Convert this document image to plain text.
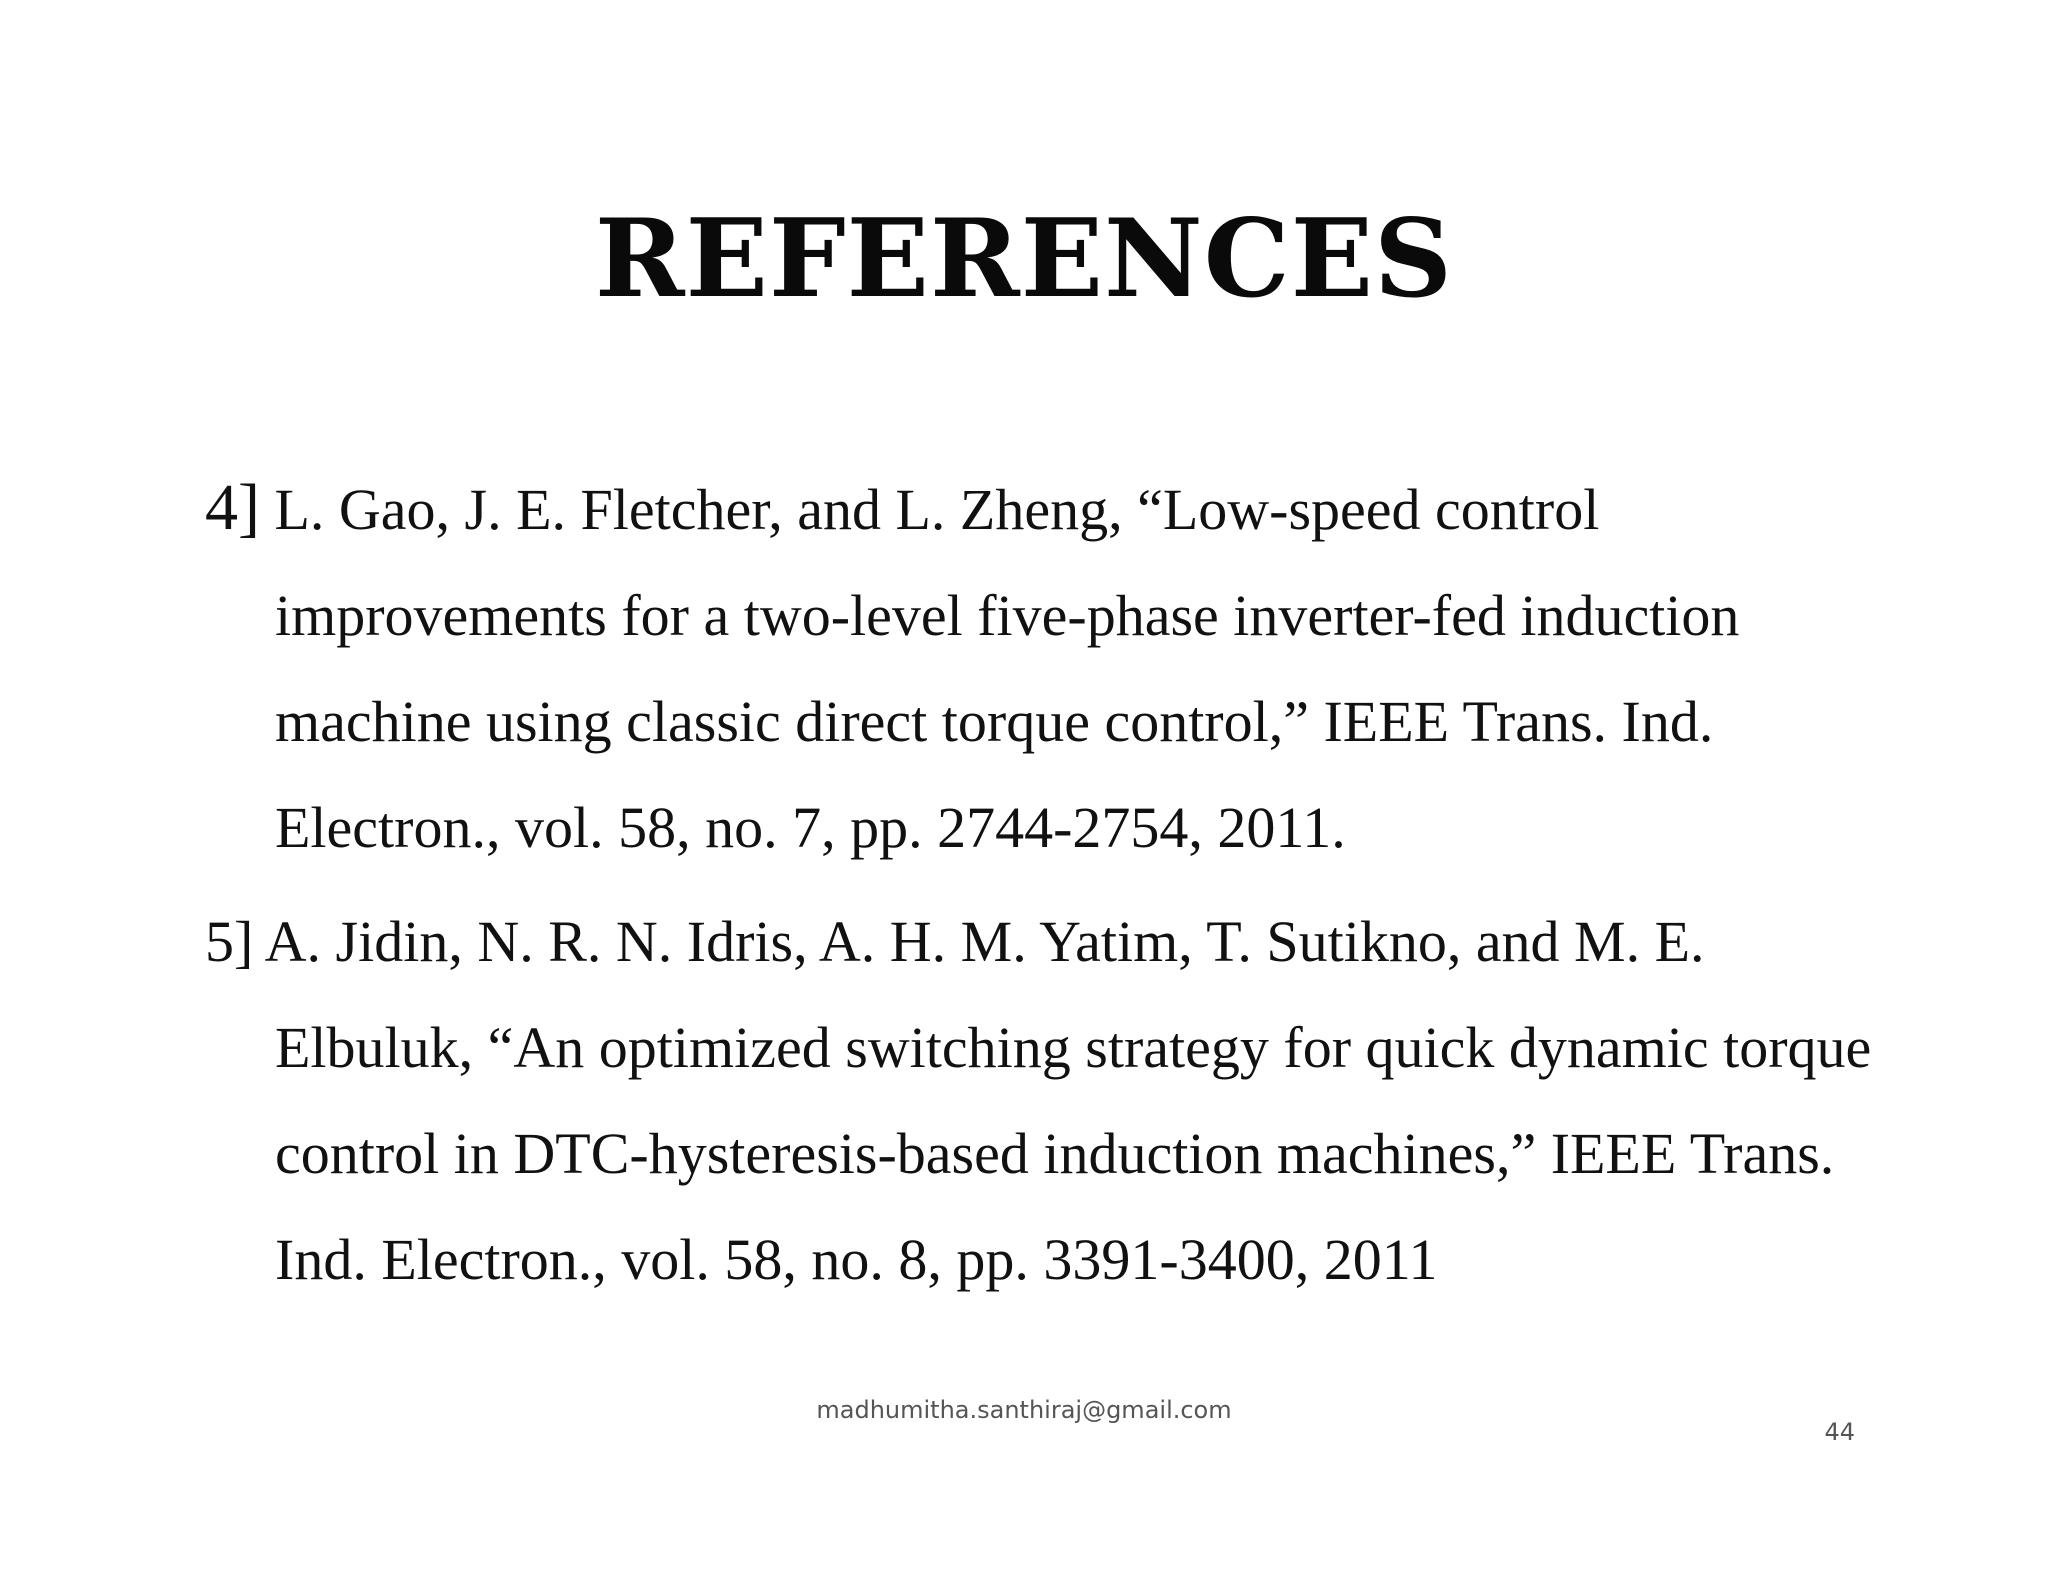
REFERENCES

4] L. Gao, J. E. Fletcher, and L. Zheng, “Low-speed control improvements for a two-level five-phase inverter-fed induction machine using classic direct torque control,” IEEE Trans. Ind. Electron., vol. 58, no. 7, pp. 2744-2754, 2011.

5] A. Jidin, N. R. N. Idris, A. H. M. Yatim, T. Sutikno, and M. E. Elbuluk, “An optimized switching strategy for quick dynamic torque control in DTC-hysteresis-based induction machines,” IEEE Trans. Ind. Electron., vol. 58, no. 8, pp. 3391-3400, 2011

madhumitha.santhiraj@gmail.com
44
